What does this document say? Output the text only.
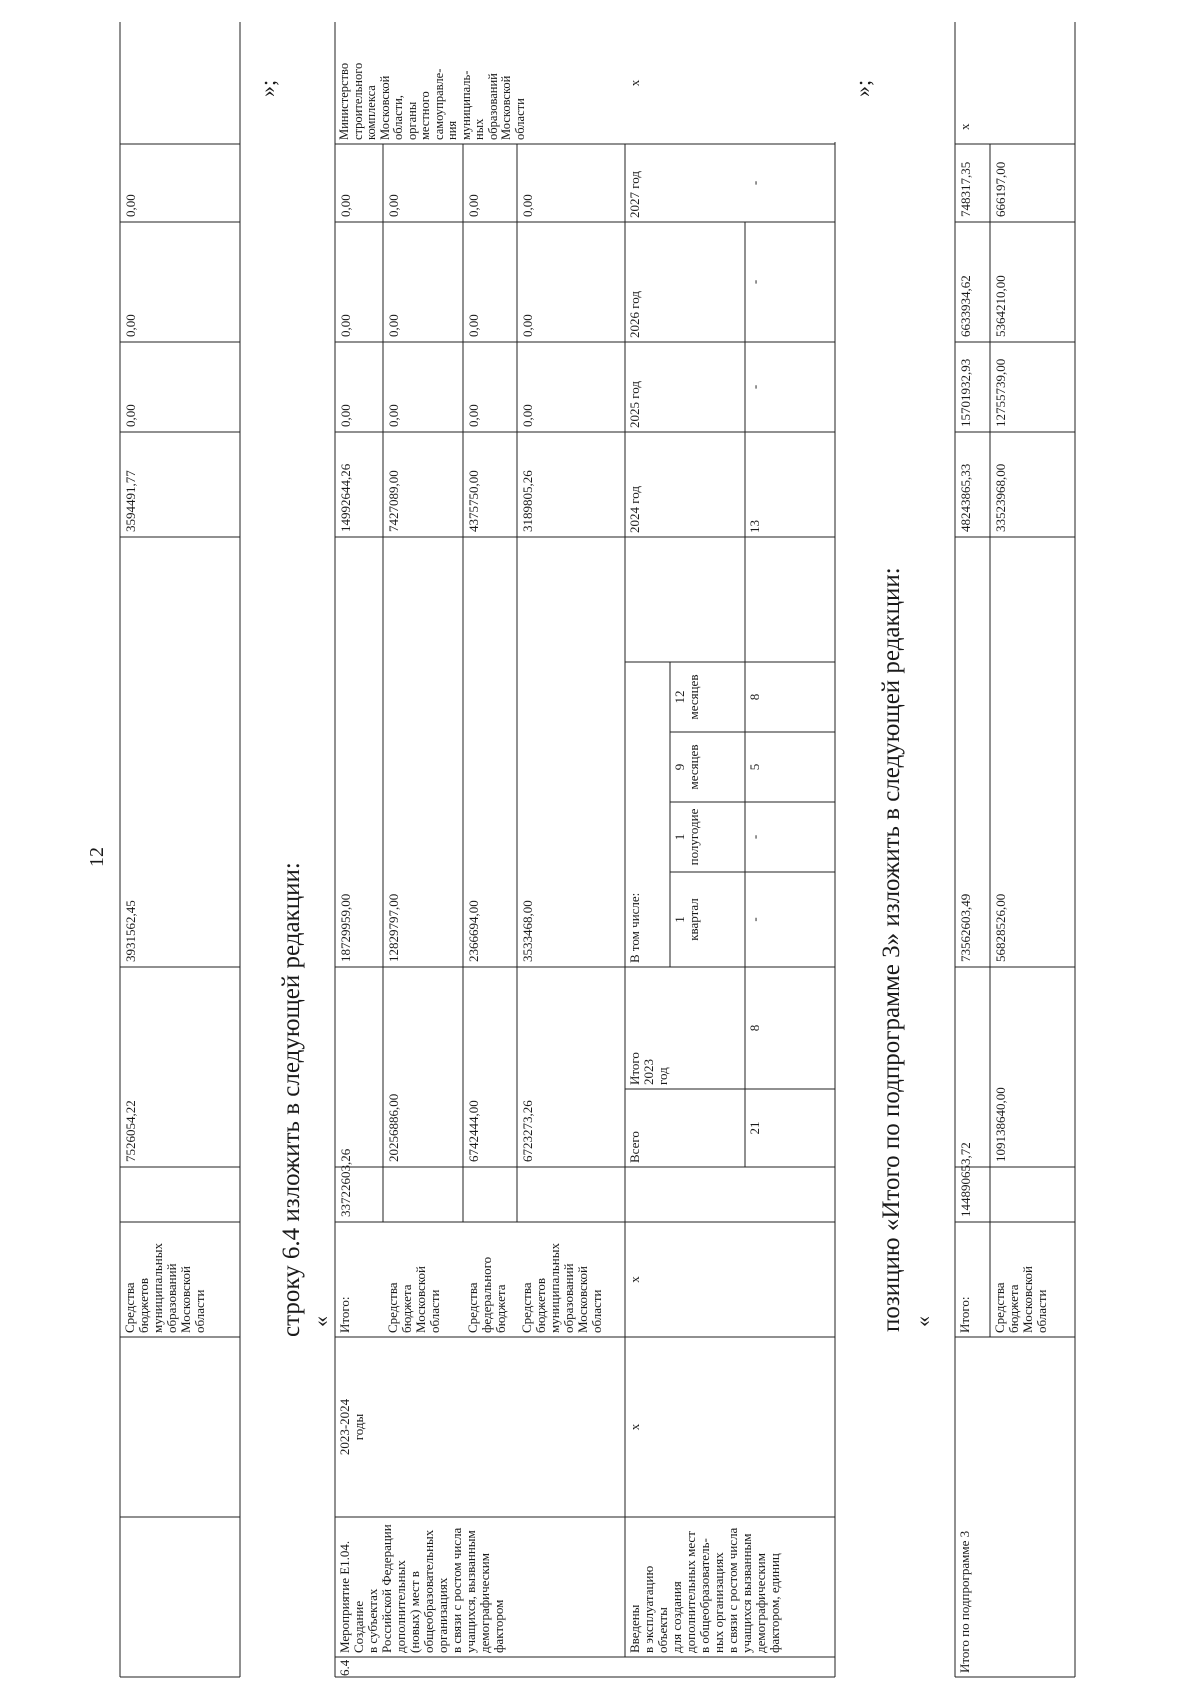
12
Средства
бюджетов
муниципальных
образований
Московской
области
7526054,22
3931562,45
3594491,77
0,00
0,00
0,00
»;
строку 6.4 изложить в следующей редакции: «
6.4
Мероприятие Е1.04.
Создание
в субъектах
Российской Федерации
дополнительных
(новых) мест в
общеобразовательных
организациях
в связи с ростом числа
учащихся, вызванным
демографическим
фактором
2023-2024
годы
Министерство
строительного
комплекса
Московской
области,
органы
местного
самоуправле-
ния
муниципаль-
ных
образований
Московской
области
Итого:
33722603,26
18729959,00
14992644,26
0,00
0,00
0,00
Средства
бюджета
Московской
области
20256886,00
12829797,00
7427089,00
0,00
0,00
0,00
Средства
федерального
бюджета
6742444,00
2366694,00
4375750,00
0,00
0,00
0,00
Средства
бюджетов
муниципальных
образований
Московской
области
6723273,26
3533468,00
3189805,26
0,00
0,00
0,00
Введены
в эксплуатацию
объекты
для создания
дополнительных мест
в общеобразователь-
ных организациях
в связи с ростом числа
учащихся вызванным
демографическим
фактором, единиц
х
х
х
Всего
Итого
2023
год
В том числе: 1
квартал
1
полугодие
9
месяцев
12
месяцев
2024 год
2025 год
2026 год
2027 год
21
8
-
-
5
8
13
-
-
-
»;
позицию «Итого по подпрограмме 3» изложить в следующей редакции: «
Итого по подпрограмме 3
х
Итого:
144890653,72
73562603,49
48243865,33
15701932,93
6633934,62
748317,35
Средства
бюджета
Московской
области
109138640,00
56828526,00
33523968,00
12755739,00
5364210,00
666197,00
